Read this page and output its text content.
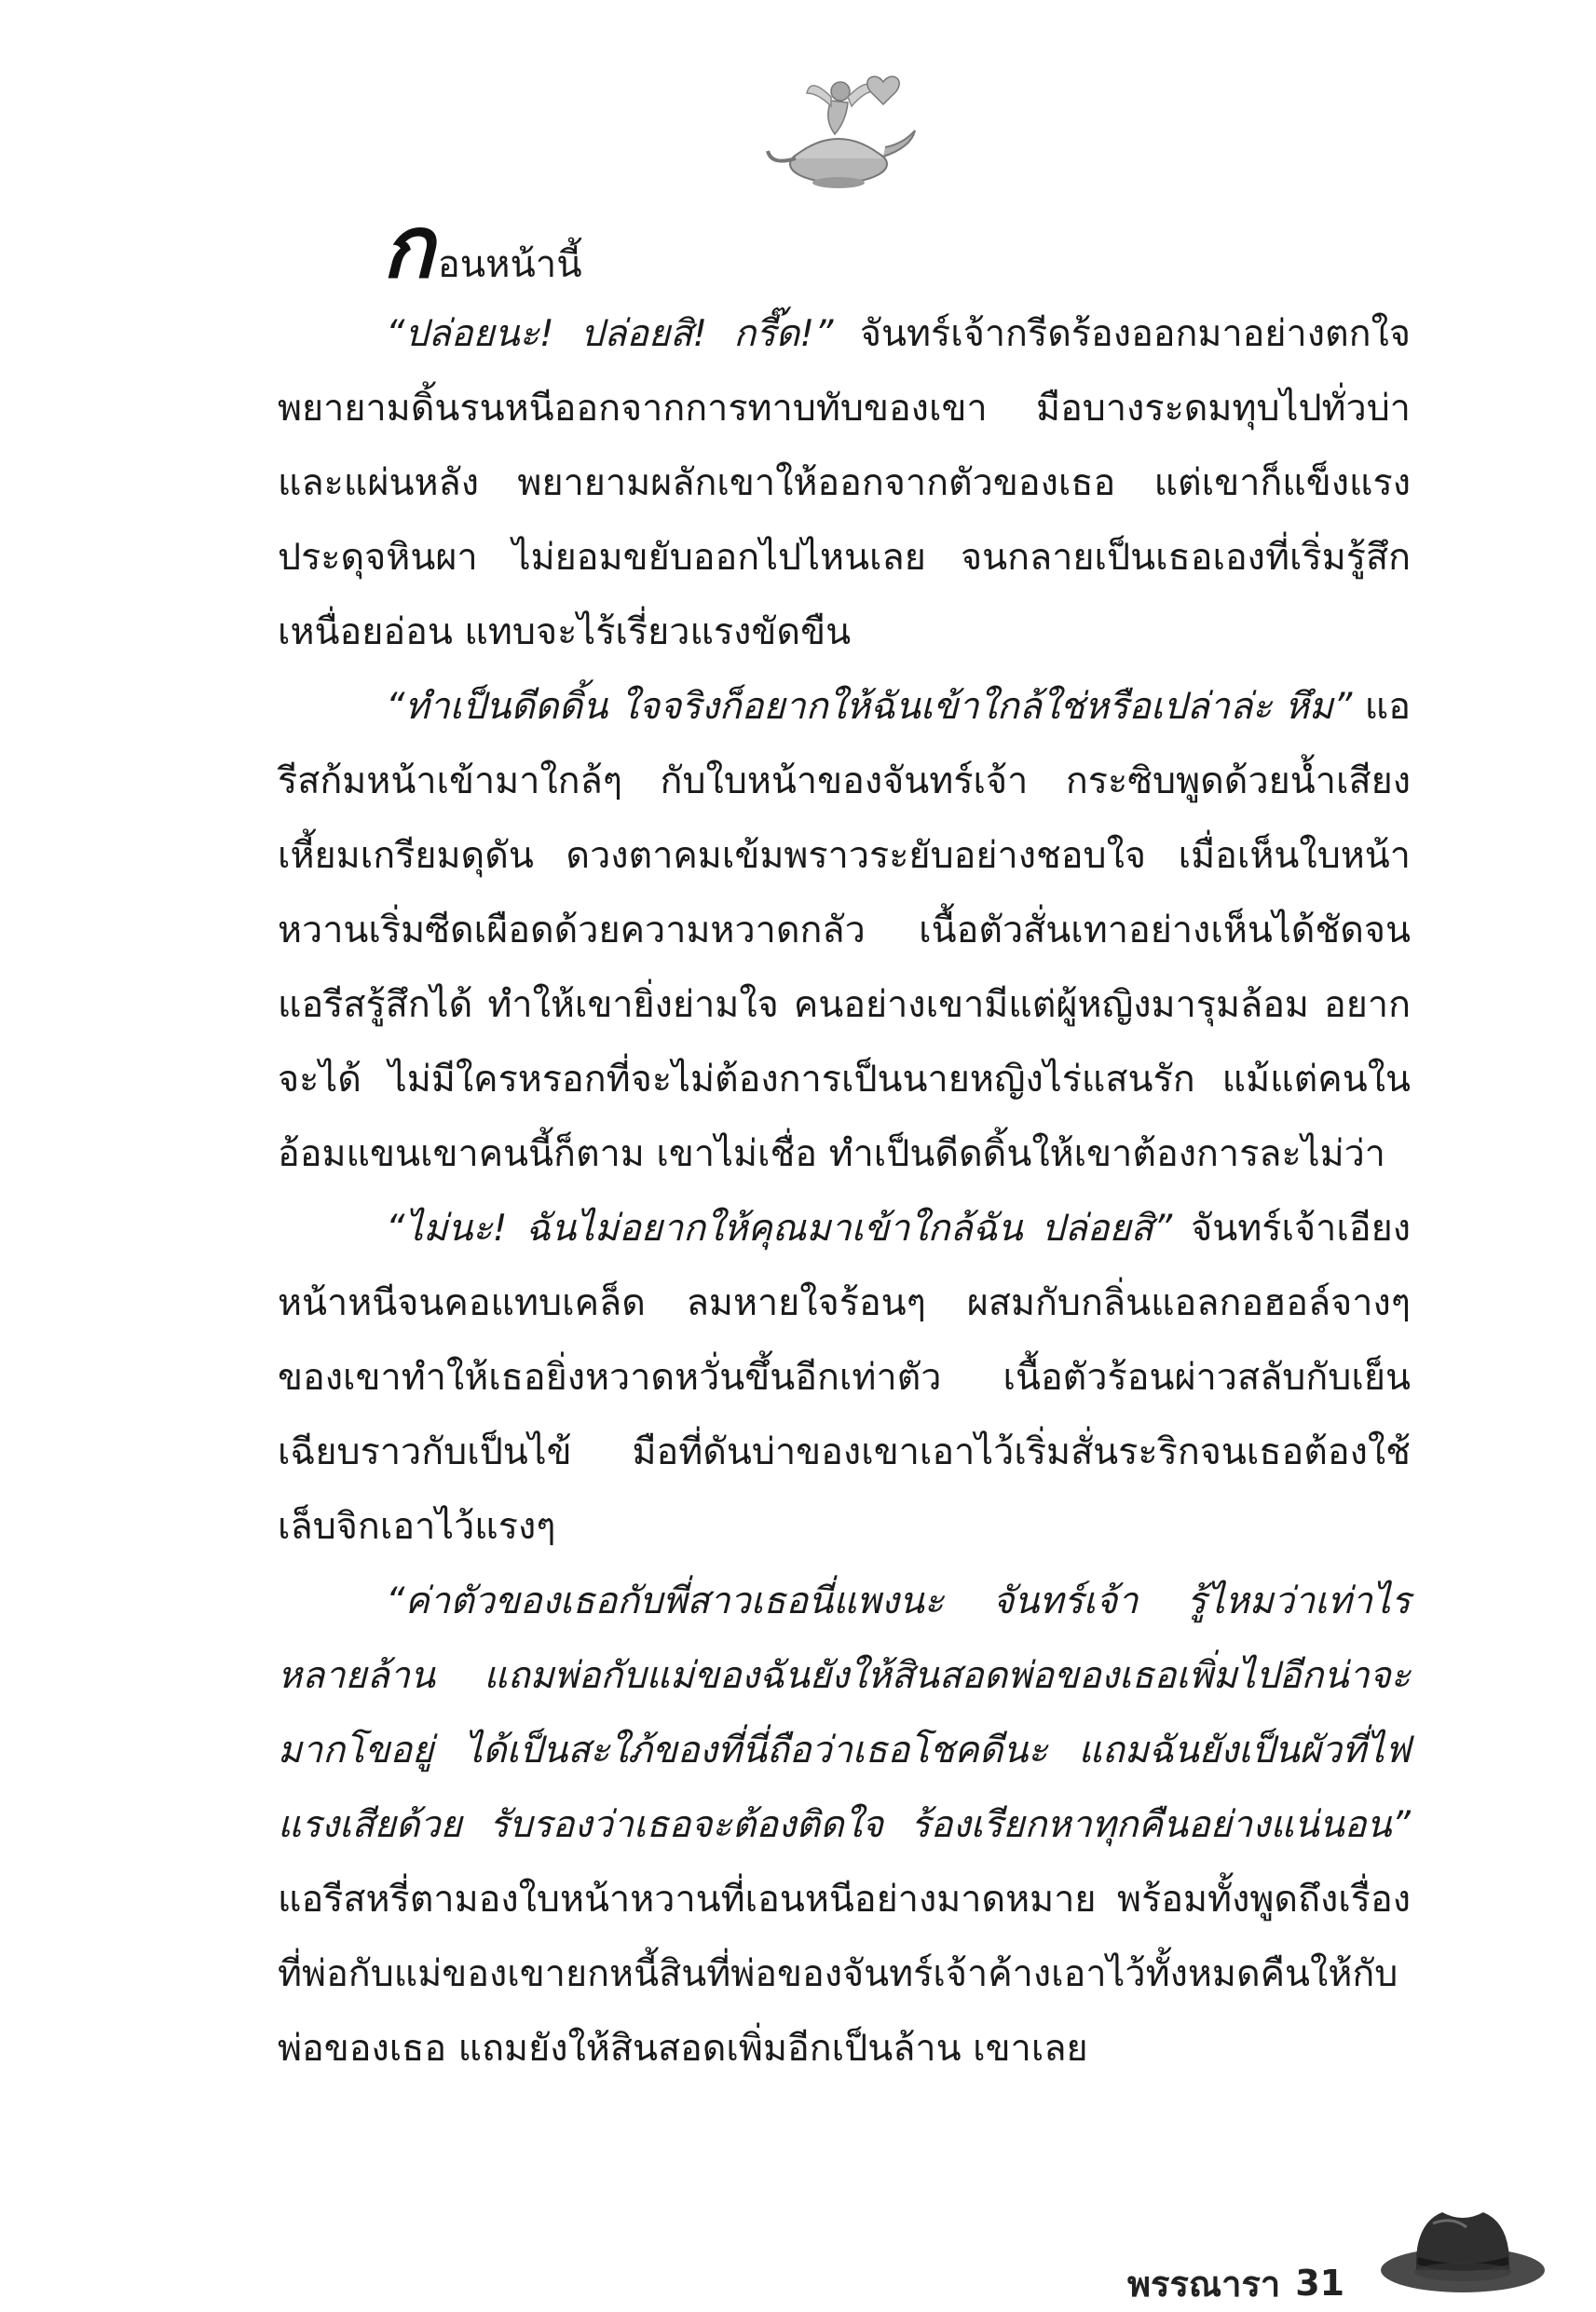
ก ่อนหน้านี้

“ปล่อยนะ! ปล่อยสิ! กรี๊ด!” จันทร์เจ้ากรีดร้องออกมาอย่างตกใจ พยายามดิ้นรนหนีออกจากการทาบทับของเขา มือบางระดมทุบไปทั่วบ่าและแผ่นหลัง พยายามผลักเขาให้ออกจากตัวของเธอ แต่เขาก็แข็งแรงประดุจหินผา ไม่ยอมขยับออกไปไหนเลย จนกลายเป็นเธอเองที่เริ่มรู้สึกเหนื่อยอ่อน แทบจะไร้เรี่ยวแรงขัดขืน

“ทำเป็นดีดดิ้น ใจจริงก็อยากให้ฉันเข้าใกล้ใช่หรือเปล่าล่ะ หึม” แอรีสก้มหน้าเข้ามาใกล้ๆ กับใบหน้าของจันทร์เจ้า กระซิบพูดด้วยน้ำเสียงเหี้ยมเกรียมดุดัน ดวงตาคมเข้มพราวระยับอย่างชอบใจ เมื่อเห็นใบหน้าหวานเริ่มซีดเผือดด้วยความหวาดกลัว เนื้อตัวสั่นเทาอย่างเห็นได้ชัดจนแอรีสรู้สึกได้ ทำให้เขายิ่งย่ามใจ คนอย่างเขามีแต่ผู้หญิงมารุมล้อม อยากจะได้ ไม่มีใครหรอกที่จะไม่ต้องการเป็นนายหญิงไร่แสนรัก แม้แต่คนในอ้อมแขนเขาคนนี้ก็ตาม เขาไม่เชื่อ ทำเป็นดีดดิ้นให้เขาต้องการละไม่ว่า

“ไม่นะ! ฉันไม่อยากให้คุณมาเข้าใกล้ฉัน ปล่อยสิ” จันทร์เจ้าเอียงหน้าหนีจนคอแทบเคล็ด ลมหายใจร้อนๆ ผสมกับกลิ่นแอลกอฮอล์จางๆ ของเขาทำให้เธอยิ่งหวาดหวั่นขึ้นอีกเท่าตัว เนื้อตัวร้อนผ่าวสลับกับเย็นเฉียบราวกับเป็นไข้ มือที่ดันบ่าของเขาเอาไว้เริ่มสั่นระริกจนเธอต้องใช้เล็บจิกเอาไว้แรงๆ

“ค่าตัวของเธอกับพี่สาวเธอนี่แพงนะ จันทร์เจ้า รู้ไหมว่าเท่าไรหลายล้าน แถมพ่อกับแม่ของฉันยังให้สินสอดพ่อของเธอเพิ่มไปอีกน่าจะมากโขอยู่ ได้เป็นสะใภ้ของที่นี่ถือว่าเธอโชคดีนะ แถมฉันยังเป็นผัวที่ไฟแรงเสียด้วย รับรองว่าเธอจะต้องติดใจ ร้องเรียกหาทุกคืนอย่างแน่นอน” แอรีสหรี่ตามองใบหน้าหวานที่เอนหนีอย่างมาดหมาย พร้อมทั้งพูดถึงเรื่องที่พ่อกับแม่ของเขายกหนี้สินที่พ่อของจันทร์เจ้าค้างเอาไว้ทั้งหมดคืนให้กับพ่อของเธอ แถมยังให้สินสอดเพิ่มอีกเป็นล้าน เขาเลย

พรรณารา 31
